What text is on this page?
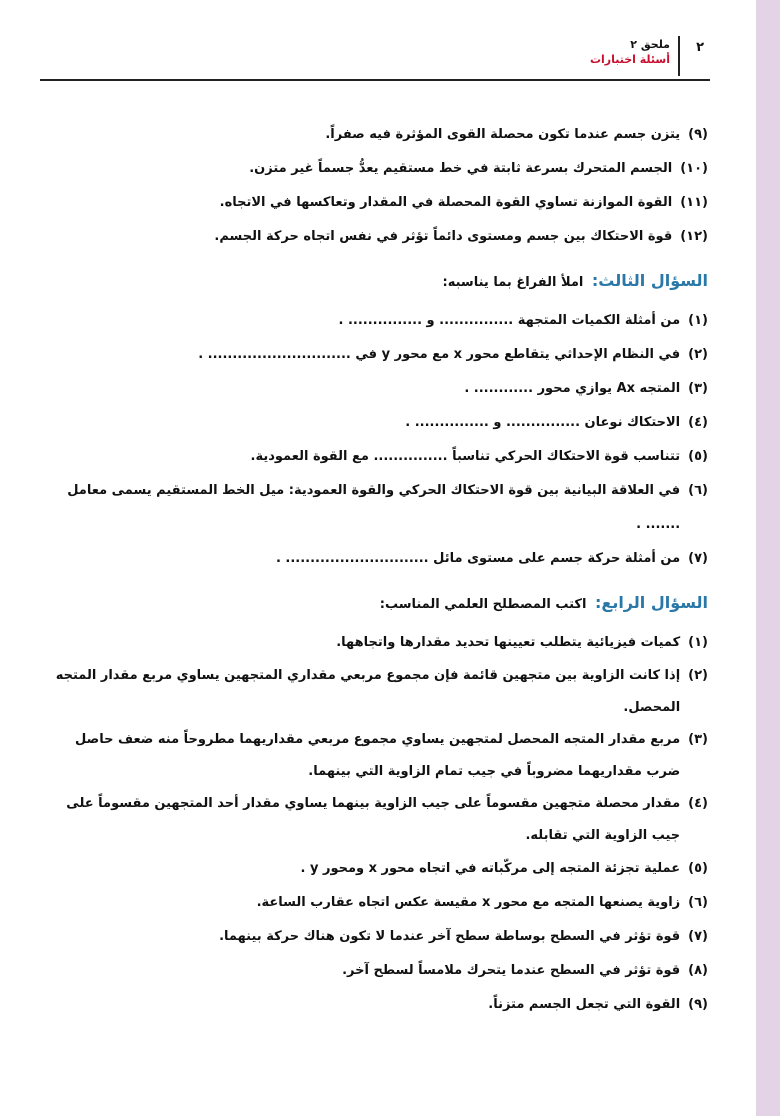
٢
ملحق ٢
أسئلة اختبارات
(٩)
يتزن جسم عندما تكون محصلة القوى المؤثرة فيه صفراً.
(١٠)
الجسم المتحرك بسرعة ثابتة في خط مستقيم يعدُّ جسماً غير متزن.
(١١)
القوة الموازنة تساوي القوة المحصلة في المقدار وتعاكسها في الاتجاه.
(١٢)
قوة الاحتكاك بين جسم ومستوى دائماً تؤثر في نفس اتجاه حركة الجسم.
السؤال الثالث: املأ الفراغ بما يناسبه:
(١)
من أمثلة الكميات المتجهة ............... و ............... .
(٢)
في النظام الإحداثي يتقاطع محور x مع محور y في ............................. .
(٣)
المتجه Ax يوازي محور ............ .
(٤)
الاحتكاك نوعان ............... و ............... .
(٥)
تتناسب قوة الاحتكاك الحركي تناسباً ............... مع القوة العمودية.
(٦)
في العلاقة البيانية بين قوة الاحتكاك الحركي والقوة العمودية: ميل الخط المستقيم يسمى معامل ....... .
(٧)
من أمثلة حركة جسم على مستوى مائل ............................. .
السؤال الرابع: اكتب المصطلح العلمي المناسب:
(١)
كميات فيزيائية يتطلب تعيينها تحديد مقدارها واتجاهها.
(٢)
إذا كانت الزاوية بين متجهين قائمة فإن مجموع مربعي مقداري المتجهين يساوي مربع مقدار المتجه المحصل.
(٣)
مربع مقدار المتجه المحصل لمتجهين يساوي مجموع مربعي مقداريهما مطروحاً منه ضعف حاصل ضرب مقداريهما مضروباً في جيب تمام الزاوية التي بينهما.
(٤)
مقدار محصلة متجهين مقسوماً على جيب الزاوية بينهما يساوي مقدار أحد المتجهين مقسوماً على جيب الزاوية التي تقابله.
(٥)
عملية تجزئة المتجه إلى مركّباته في اتجاه محور x ومحور y .
(٦)
زاوية يصنعها المتجه مع محور x مقيسة عكس اتجاه عقارب الساعة.
(٧)
قوة تؤثر في السطح بوساطة سطح آخر عندما لا تكون هناك حركة بينهما.
(٨)
قوة تؤثر في السطح عندما يتحرك ملامساً لسطح آخر.
(٩)
القوة التي تجعل الجسم متزناً.
